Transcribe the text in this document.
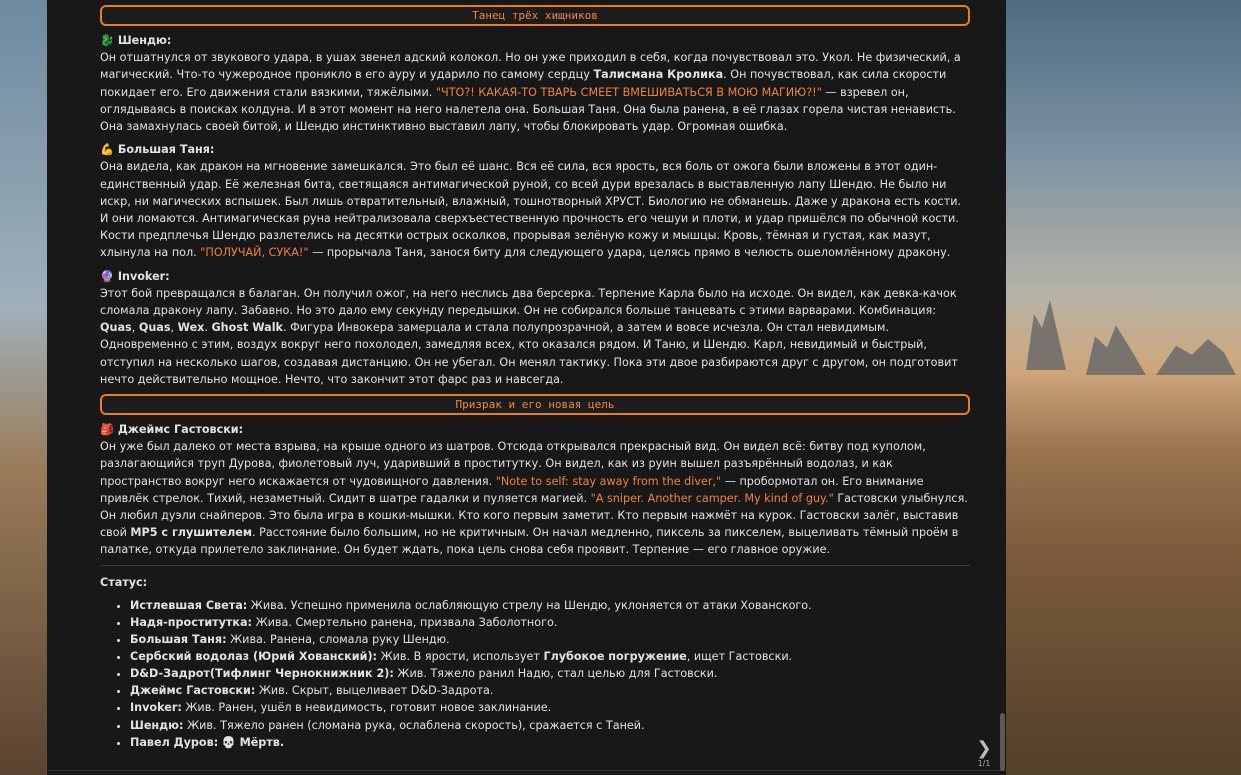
Танец трёх хищников
🐉 Шендю:
Он отшатнулся от звукового удара, в ушах звенел адский колокол. Но он уже приходил в себя, когда почувствовал это. Укол. Не физический, а магический. Что-то чужеродное проникло в его ауру и ударило по самому сердцу Талисмана Кролика. Он почувствовал, как сила скорости покидает его. Его движения стали вязкими, тяжёлыми. "ЧТО?! КАКАЯ-ТО ТВАРЬ СМЕЕТ ВМЕШИВАТЬСЯ В МОЮ МАГИЮ?!" — взревел он, оглядываясь в поисках колдуна. И в этот момент на него налетела она. Большая Таня. Она была ранена, в её глазах горела чистая ненависть. Она замахнулась своей битой, и Шендю инстинктивно выставил лапу, чтобы блокировать удар. Огромная ошибка.
💪 Большая Таня:
Она видела, как дракон на мгновение замешкался. Это был её шанс. Вся её сила, вся ярость, вся боль от ожога были вложены в этот один-единственный удар. Её железная бита, светящаяся антимагической руной, со всей дури врезалась в выставленную лапу Шендю. Не было ни искр, ни магических вспышек. Был лишь отвратительный, влажный, тошнотворный ХРУСТ. Биологию не обманешь. Даже у дракона есть кости. И они ломаются. Антимагическая руна нейтрализовала сверхъестественную прочность его чешуи и плоти, и удар пришёлся по обычной кости. Кости предплечья Шендю разлетелись на десятки острых осколков, прорывая зелёную кожу и мышцы. Кровь, тёмная и густая, как мазут, хлынула на пол. "ПОЛУЧАЙ, СУКА!" — прорычала Таня, занося биту для следующего удара, целясь прямо в челюсть ошеломлённому дракону.
🔮 Invoker:
Этот бой превращался в балаган. Он получил ожог, на него неслись два берсерка. Терпение Карла было на исходе. Он видел, как девка-качок сломала дракону лапу. Забавно. Но это дало ему секунду передышки. Он не собирался больше танцевать с этими варварами. Комбинация: Quas, Quas, Wex. Ghost Walk. Фигура Инвокера замерцала и стала полупрозрачной, а затем и вовсе исчезла. Он стал невидимым. Одновременно с этим, воздух вокруг него похолодел, замедляя всех, кто оказался рядом. И Таню, и Шендю. Карл, невидимый и быстрый, отступил на несколько шагов, создавая дистанцию. Он не убегал. Он менял тактику. Пока эти двое разбираются друг с другом, он подготовит нечто действительно мощное. Нечто, что закончит этот фарс раз и навсегда.
Призрак и его новая цель
🎒 Джеймс Гастовски:
Он уже был далеко от места взрыва, на крыше одного из шатров. Отсюда открывался прекрасный вид. Он видел всё: битву под куполом, разлагающийся труп Дурова, фиолетовый луч, ударивший в проститутку. Он видел, как из руин вышел разъярённый водолаз, и как пространство вокруг него искажается от чудовищного давления. "Note to self: stay away from the diver," — пробормотал он. Его внимание привлёк стрелок. Тихий, незаметный. Сидит в шатре гадалки и пуляется магией. "A sniper. Another camper. My kind of guy." Гастовски улыбнулся. Он любил дуэли снайперов. Это была игра в кошки-мышки. Кто кого первым заметит. Кто первым нажмёт на курок. Гастовски залёг, выставив свой MP5 с глушителем. Расстояние было большим, но не критичным. Он начал медленно, пиксель за пикселем, выцеливать тёмный проём в палатке, откуда прилетело заклинание. Он будет ждать, пока цель снова себя проявит. Терпение — его главное оружие.
Статус:
• Истлевшая Света: Жива. Успешно применила ослабляющую стрелу на Шендю, уклоняется от атаки Хованского.
• Надя-проститутка: Жива. Смертельно ранена, призвала Заболотного.
• Большая Таня: Жива. Ранена, сломала руку Шендю.
• Сербский водолаз (Юрий Хованский): Жив. В ярости, использует Глубокое погружение, ищет Гастовски.
• D&D-Задрот(Тифлинг Чернокнижник 2): Жив. Тяжело ранил Надю, стал целью для Гастовски.
• Джеймс Гастовски: Жив. Скрыт, выцеливает D&D-Задрота.
• Invoker: Жив. Ранен, ушёл в невидимость, готовит новое заклинание.
• Шендю: Жив. Тяжело ранен (сломана рука, ослаблена скорость), сражается с Таней.
• Павел Дуров: 💀 Мёртв.	❯
1/1
